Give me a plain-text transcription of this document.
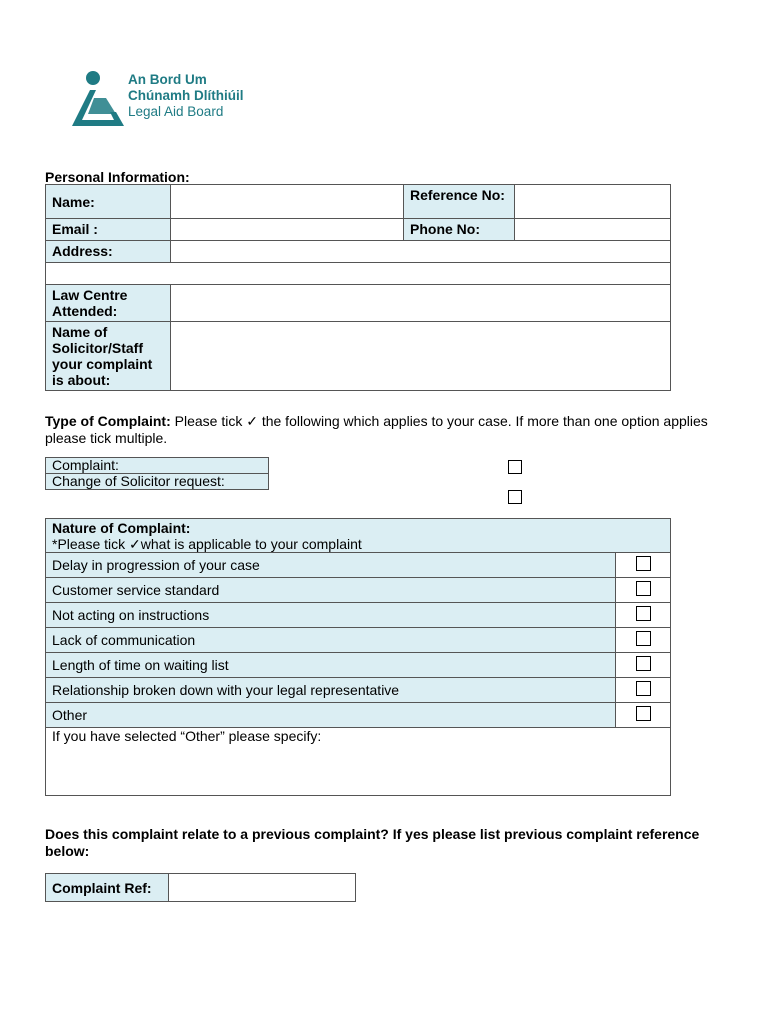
An Bord Um
Chúnamh Dlíthiúil
Legal Aid Board
Personal Information:
Name:		Reference No:	
Email :		Phone No:	
Address:			

Law Centre Attended:			
Name of Solicitor/Staff your complaint is about:			
Type of Complaint: Please tick ✓ the following which applies to your case. If more than one option applies please tick multiple.
Complaint:
Change of Solicitor request:
Nature of Complaint:
*Please tick ✓what is applicable to your complaint	

Delay in progression of your case	
Customer service standard	
Not acting on instructions	
Lack of communication	
Length of time on waiting list	
Relationship broken down with your legal representative	
Other	
If you have selected “Other” please specify:	
Does this complaint relate to a previous complaint? If yes please list previous complaint reference below:
Complaint Ref:	
